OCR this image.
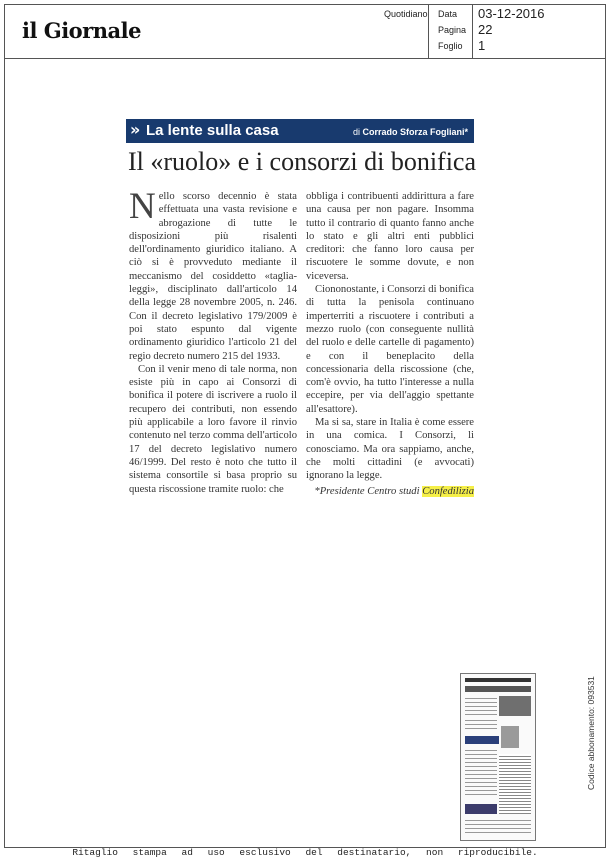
il Giornale
Quotidiano Data 03-12-2016
Pagina 22
Foglio 1
» La lente sulla casa	di Corrado Sforza Fogliani*
Il «ruolo» e i consorzi di bonifica

Nello scorso decennio è stata effettuata una vasta revisione e abrogazione di tutte le disposizioni più risalenti dell'ordinamento giuridico italiano. A ciò si è provveduto mediante il meccanismo del cosiddetto «taglia-leggi», disciplinato dall'articolo 14 della legge 28 novembre 2005, n. 246. Con il decreto legislativo 179/2009 è poi stato espunto dal vigente ordinamento giuridico l'articolo 21 del regio decreto numero 215 del 1933.

Con il venir meno di tale norma, non esiste più in capo ai Consorzi di bonifica il potere di iscrivere a ruolo il recupero dei contributi, non essendo più applicabile a loro favore il rinvio contenuto nel terzo comma dell'articolo 17 del decreto legislativo numero 46/1999. Del resto è noto che tutto il sistema consortile si basa proprio su questa riscossione tramite ruolo: che

obbliga i contribuenti addirittura a fare una causa per non pagare. Insomma tutto il contrario di quanto fanno anche lo stato e gli altri enti pubblici creditori: che fanno loro causa per riscuotere le somme dovute, e non viceversa.

Ciononostante, i Consorzi di bonifica di tutta la penisola continuano imperterriti a riscuotere i contributi a mezzo ruolo (con conseguente nullità del ruolo e delle cartelle di pagamento) e con il beneplacito della concessionaria della riscossione (che, com'è ovvio, ha tutto l'interesse a nulla eccepire, per via dell'aggio spettante all'esattore).

Ma si sa, stare in Italia è come essere in una comica. I Consorzi, li conosciamo. Ma ora sappiamo, anche, che molti cittadini (e avvocati) ignorano la legge.

*Presidente Centro studi Confedilizia
Codice abbonamento: 093531
Ritaglio stampa ad uso esclusivo del destinatario, non riproducibile.
